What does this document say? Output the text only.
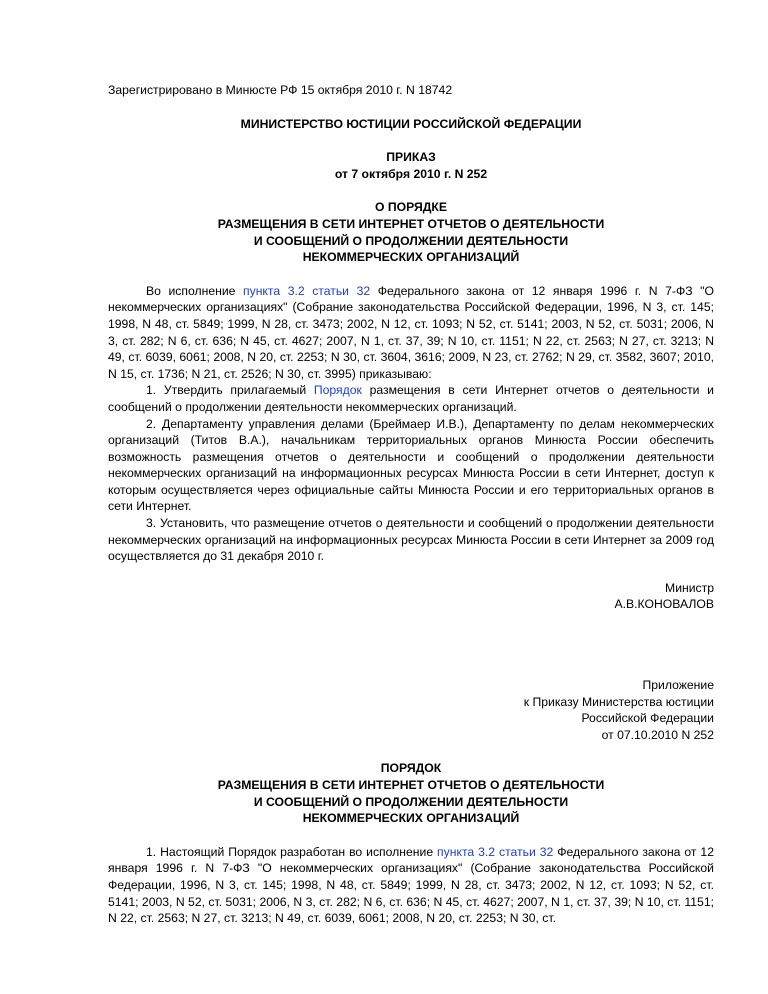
Зарегистрировано в Минюсте РФ 15 октября 2010 г. N 18742

МИНИСТЕРСТВО ЮСТИЦИИ РОССИЙСКОЙ ФЕДЕРАЦИИ

ПРИКАЗ

от 7 октября 2010 г. N 252

О ПОРЯДКЕ

РАЗМЕЩЕНИЯ В СЕТИ ИНТЕРНЕТ ОТЧЕТОВ О ДЕЯТЕЛЬНОСТИ

И СООБЩЕНИЙ О ПРОДОЛЖЕНИИ ДЕЯТЕЛЬНОСТИ

НЕКОММЕРЧЕСКИХ ОРГАНИЗАЦИЙ

Во исполнение пункта 3.2 статьи 32 Федерального закона от 12 января 1996 г. N 7-ФЗ "О некоммерческих организациях" (Собрание законодательства Российской Федерации, 1996, N 3, ст. 145; 1998, N 48, ст. 5849; 1999, N 28, ст. 3473; 2002, N 12, ст. 1093; N 52, ст. 5141; 2003, N 52, ст. 5031; 2006, N 3, ст. 282; N 6, ст. 636; N 45, ст. 4627; 2007, N 1, ст. 37, 39; N 10, ст. 1151; N 22, ст. 2563; N 27, ст. 3213; N 49, ст. 6039, 6061; 2008, N 20, ст. 2253; N 30, ст. 3604, 3616; 2009, N 23, ст. 2762; N 29, ст. 3582, 3607; 2010, N 15, ст. 1736; N 21, ст. 2526; N 30, ст. 3995) приказываю:

1. Утвердить прилагаемый Порядок размещения в сети Интернет отчетов о деятельности и сообщений о продолжении деятельности некоммерческих организаций.

2. Департаменту управления делами (Бреймаер И.В.), Департаменту по делам некоммерческих организаций (Титов В.А.), начальникам территориальных органов Минюста России обеспечить возможность размещения отчетов о деятельности и сообщений о продолжении деятельности некоммерческих организаций на информационных ресурсах Минюста России в сети Интернет, доступ к которым осуществляется через официальные сайты Минюста России и его территориальных органов в сети Интернет.

3. Установить, что размещение отчетов о деятельности и сообщений о продолжении деятельности некоммерческих организаций на информационных ресурсах Минюста России в сети Интернет за 2009 год осуществляется до 31 декабря 2010 г.

Министр

А.В.КОНОВАЛОВ

Приложение

к Приказу Министерства юстиции

Российской Федерации

от 07.10.2010 N 252

ПОРЯДОК

РАЗМЕЩЕНИЯ В СЕТИ ИНТЕРНЕТ ОТЧЕТОВ О ДЕЯТЕЛЬНОСТИ

И СООБЩЕНИЙ О ПРОДОЛЖЕНИИ ДЕЯТЕЛЬНОСТИ

НЕКОММЕРЧЕСКИХ ОРГАНИЗАЦИЙ

1. Настоящий Порядок разработан во исполнение пункта 3.2 статьи 32 Федерального закона от 12 января 1996 г. N 7-ФЗ "О некоммерческих организациях" (Собрание законодательства Российской Федерации, 1996, N 3, ст. 145; 1998, N 48, ст. 5849; 1999, N 28, ст. 3473; 2002, N 12, ст. 1093; N 52, ст. 5141; 2003, N 52, ст. 5031; 2006, N 3, ст. 282; N 6, ст. 636; N 45, ст. 4627; 2007, N 1, ст. 37, 39; N 10, ст. 1151; N 22, ст. 2563; N 27, ст. 3213; N 49, ст. 6039, 6061; 2008, N 20, ст. 2253; N 30, ст.
